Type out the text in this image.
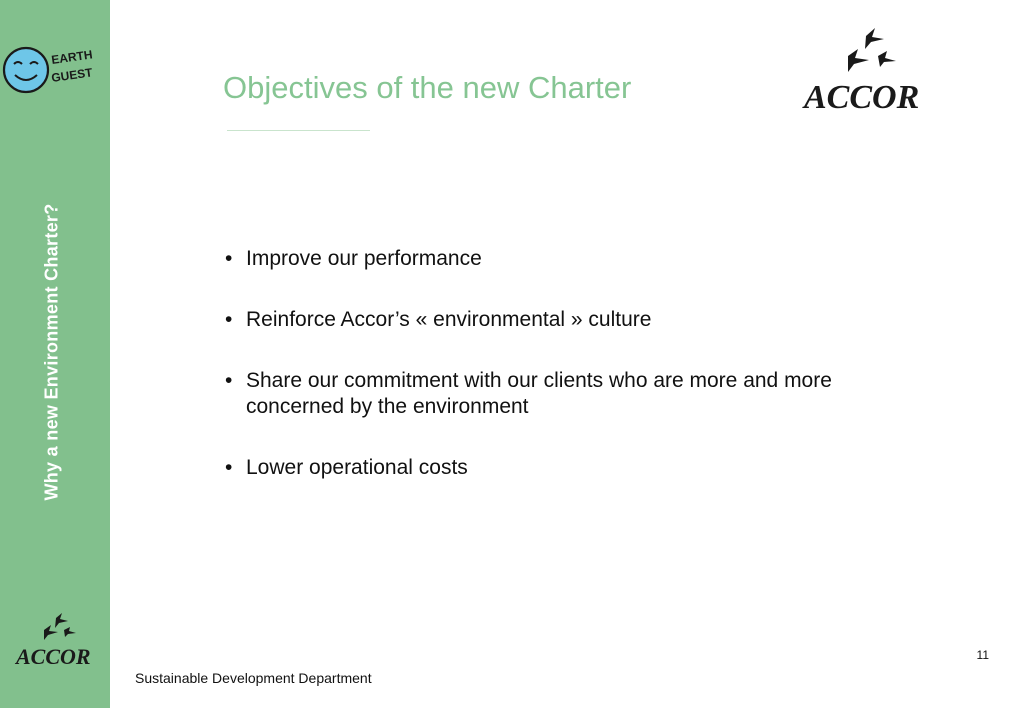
EARTH
GUEST
Why a new Environment Charter?
ACCOR
Objectives of the new Charter	ACCOR
• Improve our performance
• Reinforce Accor’s « environmental » culture
• Share our commitment with our clients who are more and more concerned by the environment
• Lower operational costs
11
Sustainable Development Department
